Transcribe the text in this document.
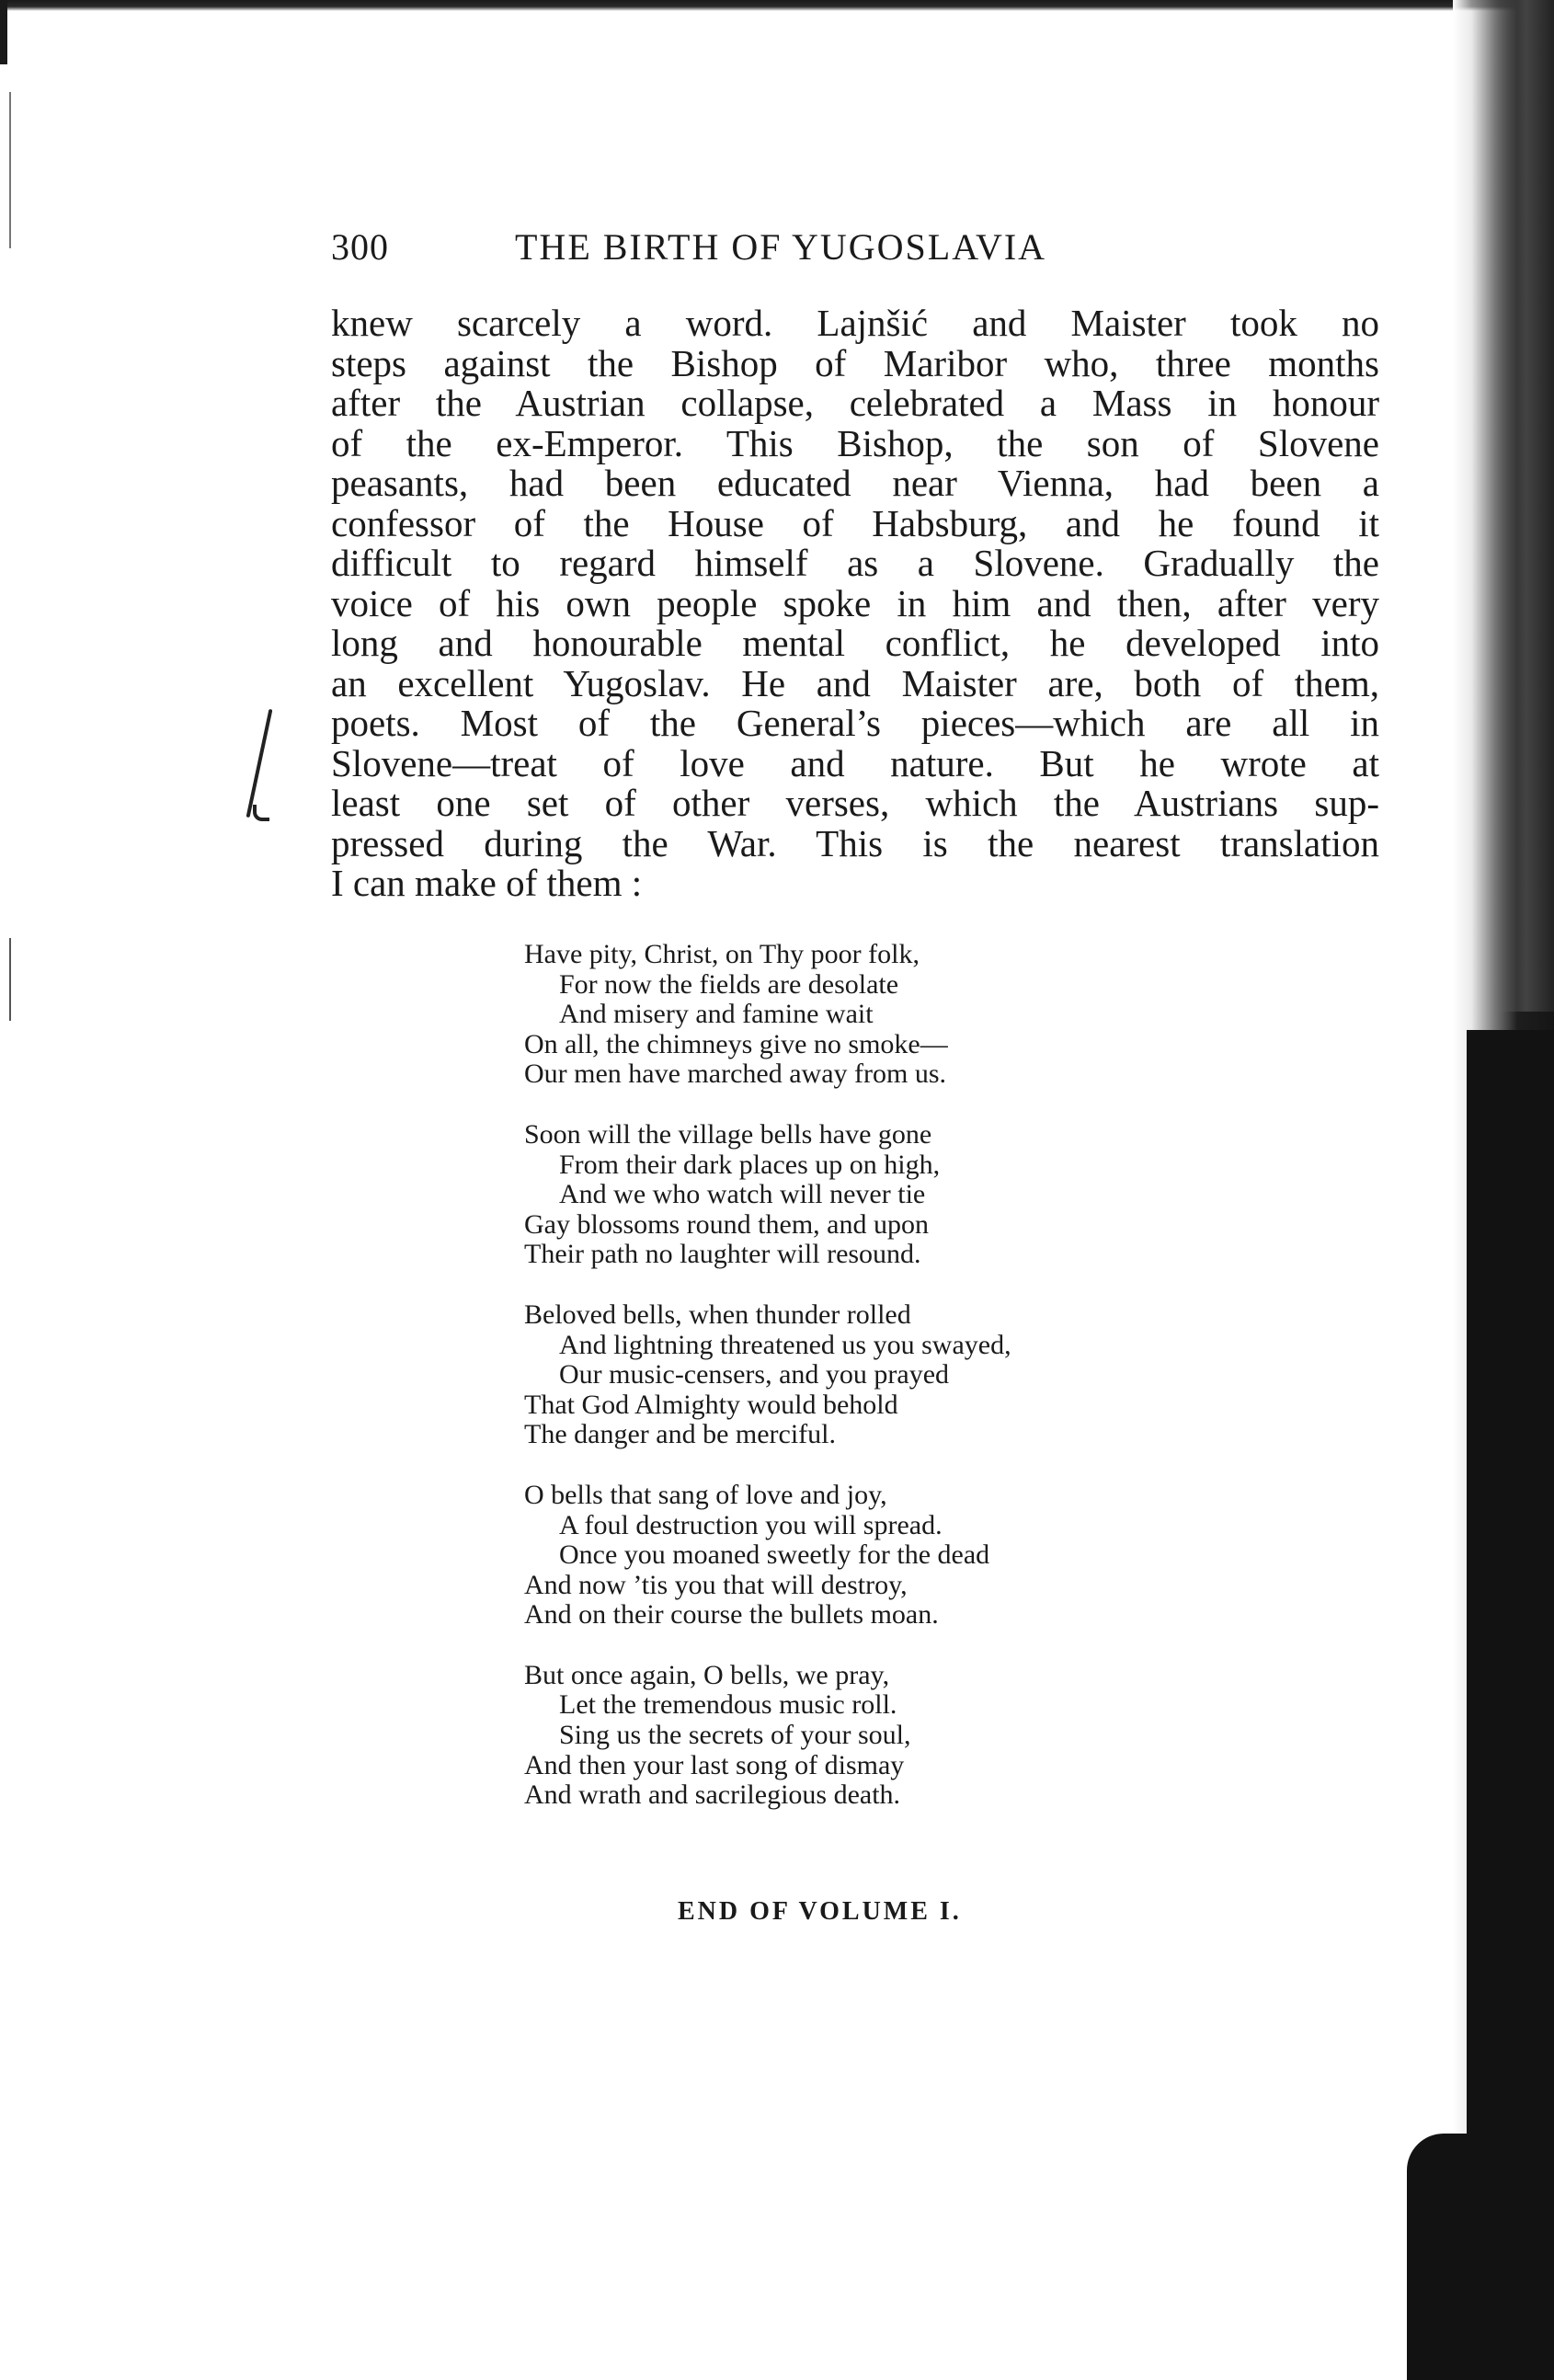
300	THE BIRTH OF YUGOSLAVIA
knew scarcely a word. Lajnšić and Maister took no
steps against the Bishop of Maribor who, three months
after the Austrian collapse, celebrated a Mass in honour
of the ex-Emperor. This Bishop, the son of Slovene
peasants, had been educated near Vienna, had been a
confessor of the House of Habsburg, and he found it
difficult to regard himself as a Slovene. Gradually the
voice of his own people spoke in him and then, after very
long and honourable mental conflict, he developed into
an excellent Yugoslav. He and Maister are, both of them,
poets. Most of the General’s pieces—which are all in
Slovene—treat of love and nature. But he wrote at
least one set of other verses, which the Austrians sup-
pressed during the War. This is the nearest translation
I can make of them :
Have pity, Christ, on Thy poor folk,
For now the fields are desolate
And misery and famine wait
On all, the chimneys give no smoke—
Our men have marched away from us.
Soon will the village bells have gone
From their dark places up on high,
And we who watch will never tie
Gay blossoms round them, and upon
Their path no laughter will resound.
Beloved bells, when thunder rolled
And lightning threatened us you swayed,
Our music-censers, and you prayed
That God Almighty would behold
The danger and be merciful.
O bells that sang of love and joy,
A foul destruction you will spread.
Once you moaned sweetly for the dead
And now ’tis you that will destroy,
And on their course the bullets moan.
But once again, O bells, we pray,
Let the tremendous music roll.
Sing us the secrets of your soul,
And then your last song of dismay
And wrath and sacrilegious death.
END OF VOLUME I.
